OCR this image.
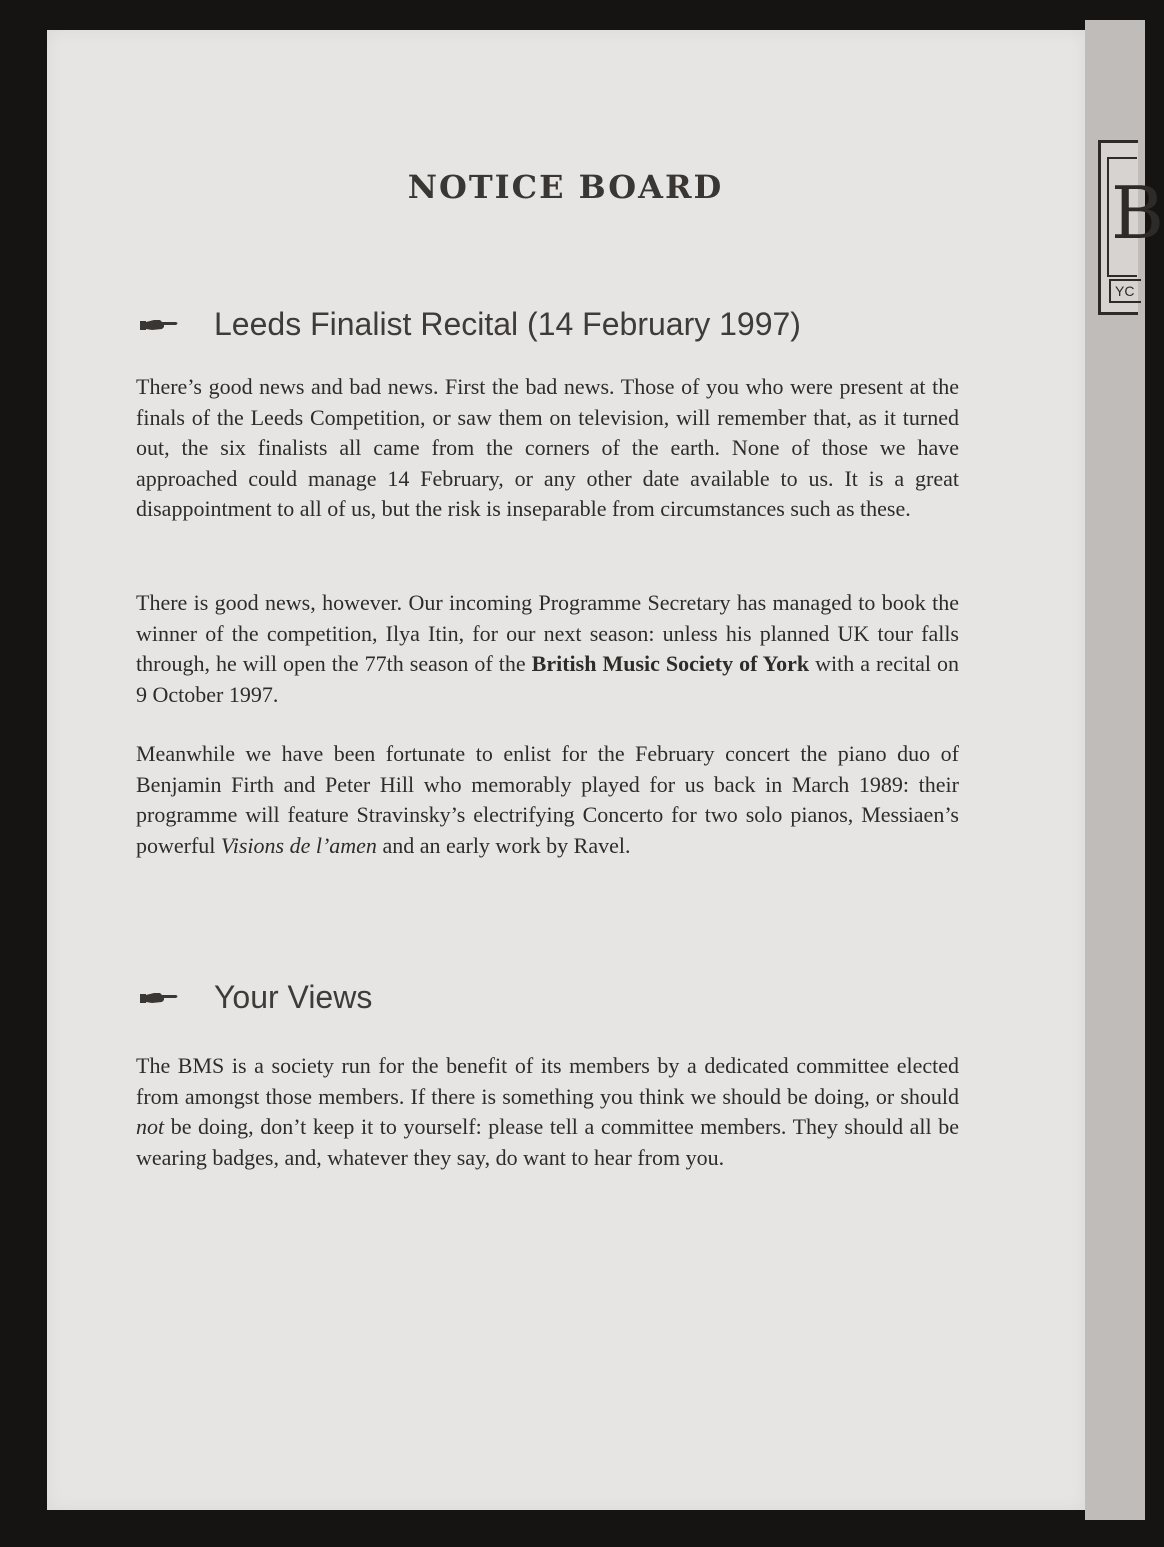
B
YC
NOTICE BOARD
Leeds Finalist Recital (14 February 1997)

There’s good news and bad news. First the bad news. Those of you who were present at the finals of the Leeds Competition, or saw them on television, will remember that, as it turned out, the six finalists all came from the corners of the earth. None of those we have approached could manage 14 February, or any other date available to us. It is a great disappointment to all of us, but the risk is inseparable from circumstances such as these.

There is good news, however. Our incoming Programme Secretary has managed to book the winner of the competition, Ilya Itin, for our next season: unless his planned UK tour falls through, he will open the 77th season of the British Music Society of York with a recital on 9 October 1997.

Meanwhile we have been fortunate to enlist for the February concert the piano duo of Benjamin Firth and Peter Hill who memorably played for us back in March 1989: their programme will feature Stravinsky’s electrifying Concerto for two solo pianos, Messiaen’s powerful Visions de l’amen and an early work by Ravel.

Your Views

The BMS is a society run for the benefit of its members by a dedicated committee elected from amongst those members. If there is something you think we should be doing, or should not be doing, don’t keep it to yourself: please tell a committee members. They should all be wearing badges, and, whatever they say, do want to hear from you.
